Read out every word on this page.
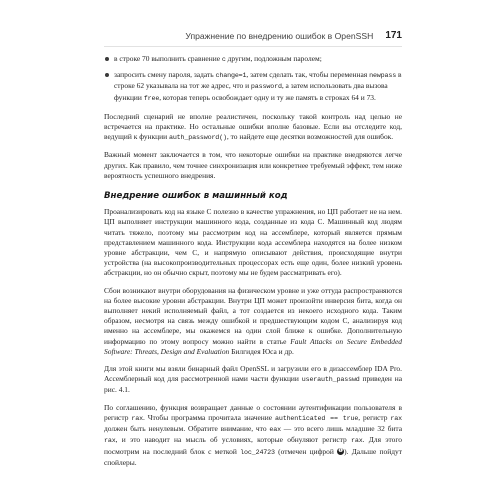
Упражнение по внедрению ошибок в OpenSSH 171
в строке 70 выполнить сравнение с другим, подложным паролем;
запросить смену пароля, задать change=1, затем сделать так, чтобы переменная newpass в строке 62 указывала на тот же адрес, что и password, а затем использовать два вызова функции free, которая теперь освобождает одну и ту же память в строках 64 и 73.

Последний сценарий не вполне реалистичен, поскольку такой контроль над целью не встречается на практике. Но остальные ошибки вполне базовые. Если вы отследите код, ведущий к функции auth_password(), то найдете еще десятки возможностей для ошибок.

Важный момент заключается в том, что некоторые ошибки на практике внедряются легче других. Как правило, чем точнее синхронизация или конкретнее требуемый эффект, тем ниже вероятность успешного внедрения.

Внедрение ошибок в машинный код

Проанализировать код на языке C полезно в качестве упражнения, но ЦП работает не на нем. ЦП выполняет инструкции машинного кода, созданные из кода C. Машинный код людям читать тяжело, поэтому мы рассмотрим код на ассемблере, который является прямым представлением машинного кода. Инструкции кода ассемблера находятся на более низком уровне абстракции, чем C, и напрямую описывают действия, происходящие внутри устройства (на высокопроизводительных процессорах есть еще один, более низкий уровень абстракции, но он обычно скрыт, поэтому мы не будем рассматривать его).

Сбои возникают внутри оборудования на физическом уровне и уже оттуда распространяются на более высокие уровни абстракции. Внутри ЦП может произойти инверсия бита, когда он выполняет некий исполняемый файл, а тот создается из некоего исходного кода. Таким образом, несмотря на связь между ошибкой и предшествующим кодом C, анализируя код именно на ассемблере, мы окажемся на один слой ближе к ошибке. Дополнительную информацию по этому вопросу можно найти в статье Fault Attacks on Secure Embedded Software: Threats, Design and Evaluation Билгидея Юса и др.

Для этой книги мы взяли бинарный файл OpenSSL и загрузили его в дизассемблер IDA Pro. Ассемблерный код для рассмотренной нами части функции userauth_passwd приведен на рис. 4.1.

По соглашению, функция возвращает данные о состоянии аутентификации пользователя в регистр rax. Чтобы программа прочитала значение authenticated == true, регистр rax должен быть ненулевым. Обратите внимание, что eax — это всего лишь младшие 32 бита rax, и это наводит на мысль об условиях, которые обнуляют регистр rax. Для этого посмотрим на последний блок с меткой loc_24723 (отмечен цифрой ❶). Дальше пойдут спойлеры.
